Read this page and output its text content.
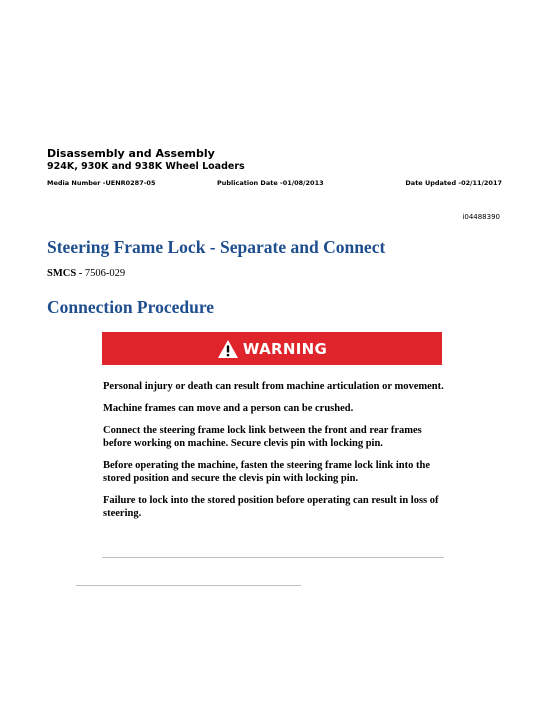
Disassembly and Assembly
924K, 930K and 938K Wheel Loaders
Media Number -UENR0287-05	Publication Date -01/08/2013	Date Updated -02/11/2017
i04488390
Steering Frame Lock - Separate and Connect
SMCS - 7506-029
Connection Procedure
WARNING

Personal injury or death can result from machine articulation or movement.

Machine frames can move and a person can be crushed.

Connect the steering frame lock link between the front and rear frames before working on machine. Secure clevis pin with locking pin.

Before operating the machine, fasten the steering frame lock link into the stored position and secure the clevis pin with locking pin.

Failure to lock into the stored position before operating can result in loss of steering.
